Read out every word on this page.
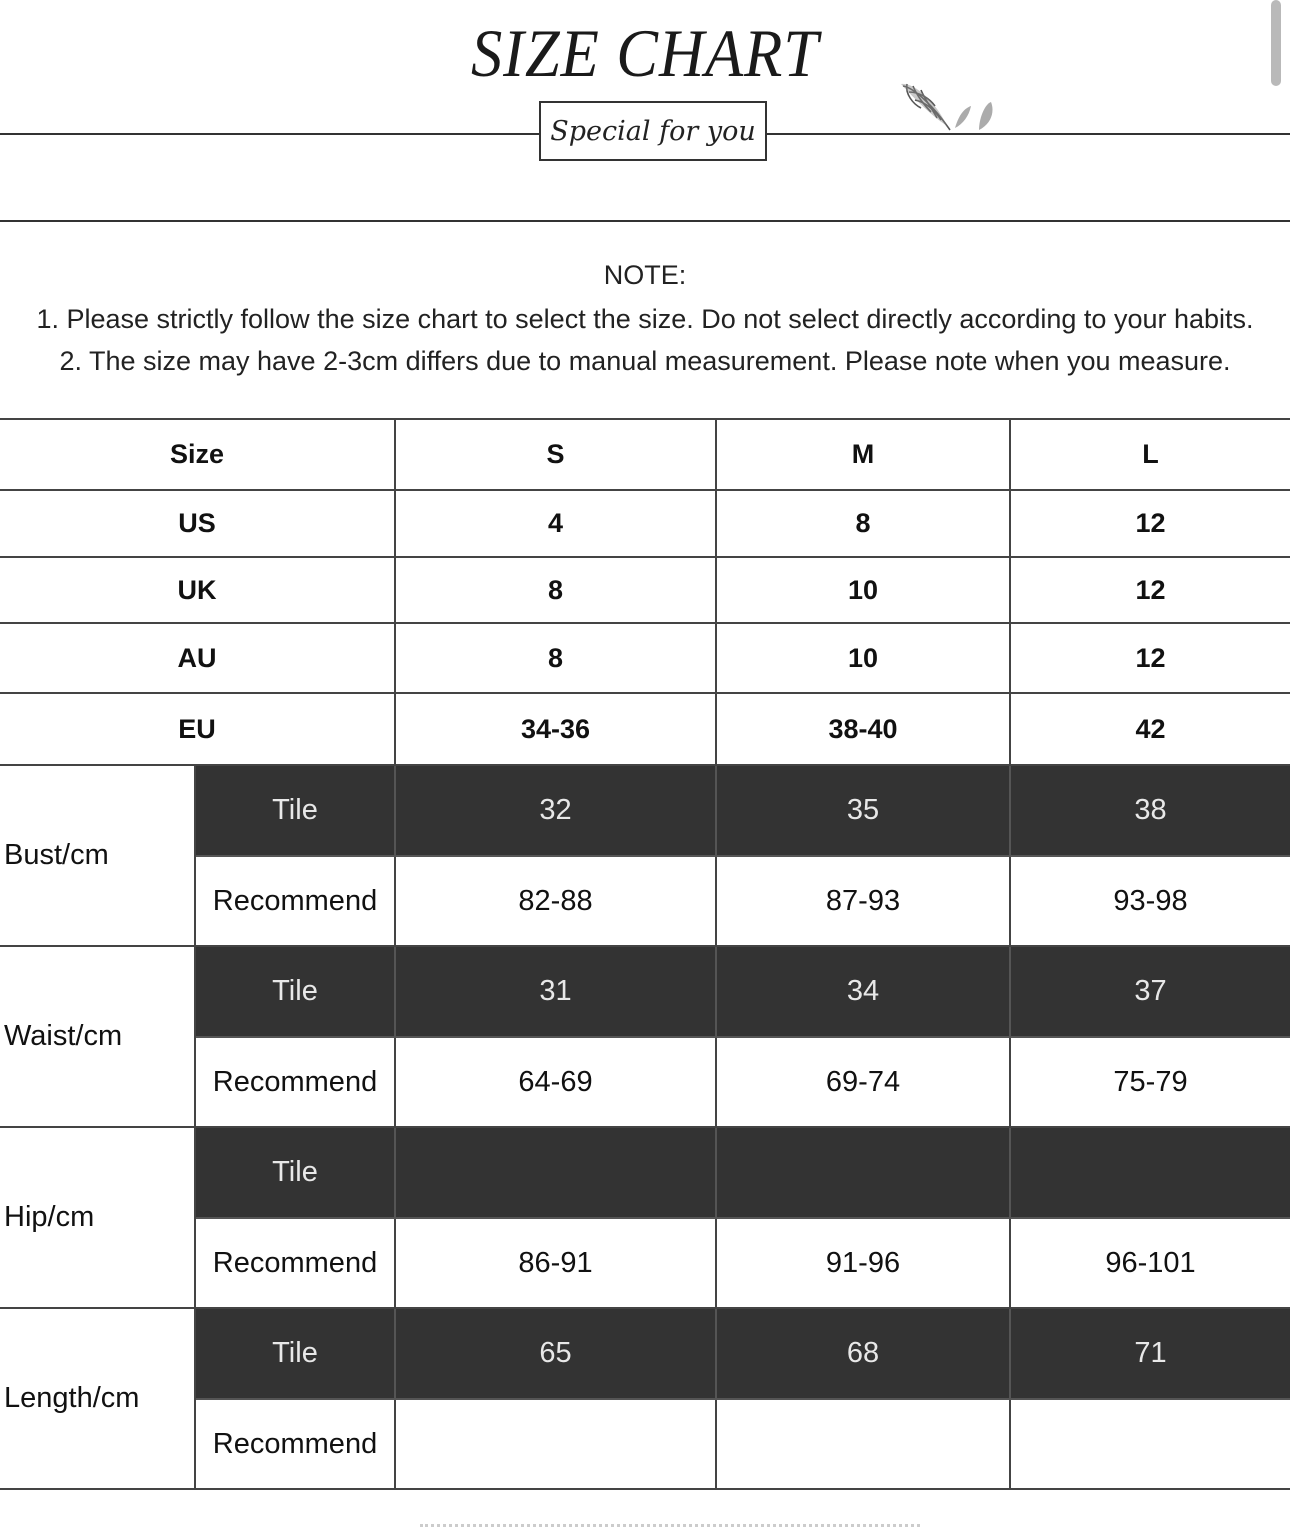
SIZE CHART
Special for you
NOTE:
1. Please strictly follow the size chart to select the size. Do not select directly according to your habits.
2. The size may have 2-3cm differs due to manual measurement. Please note when you measure.
Size		S	M	L
US		4	8	12
UK		8	10	12
AU		8	10	12
EU		34-36	38-40	42
Bust/cm	Tile	32	35	38
	Recommend	82-88	87-93	93-98
Waist/cm	Tile	31	34	37
	Recommend	64-69	69-74	75-79
Hip/cm	Tile			
	Recommend	86-91	91-96	96-101
Length/cm	Tile	65	68	71
	Recommend			
